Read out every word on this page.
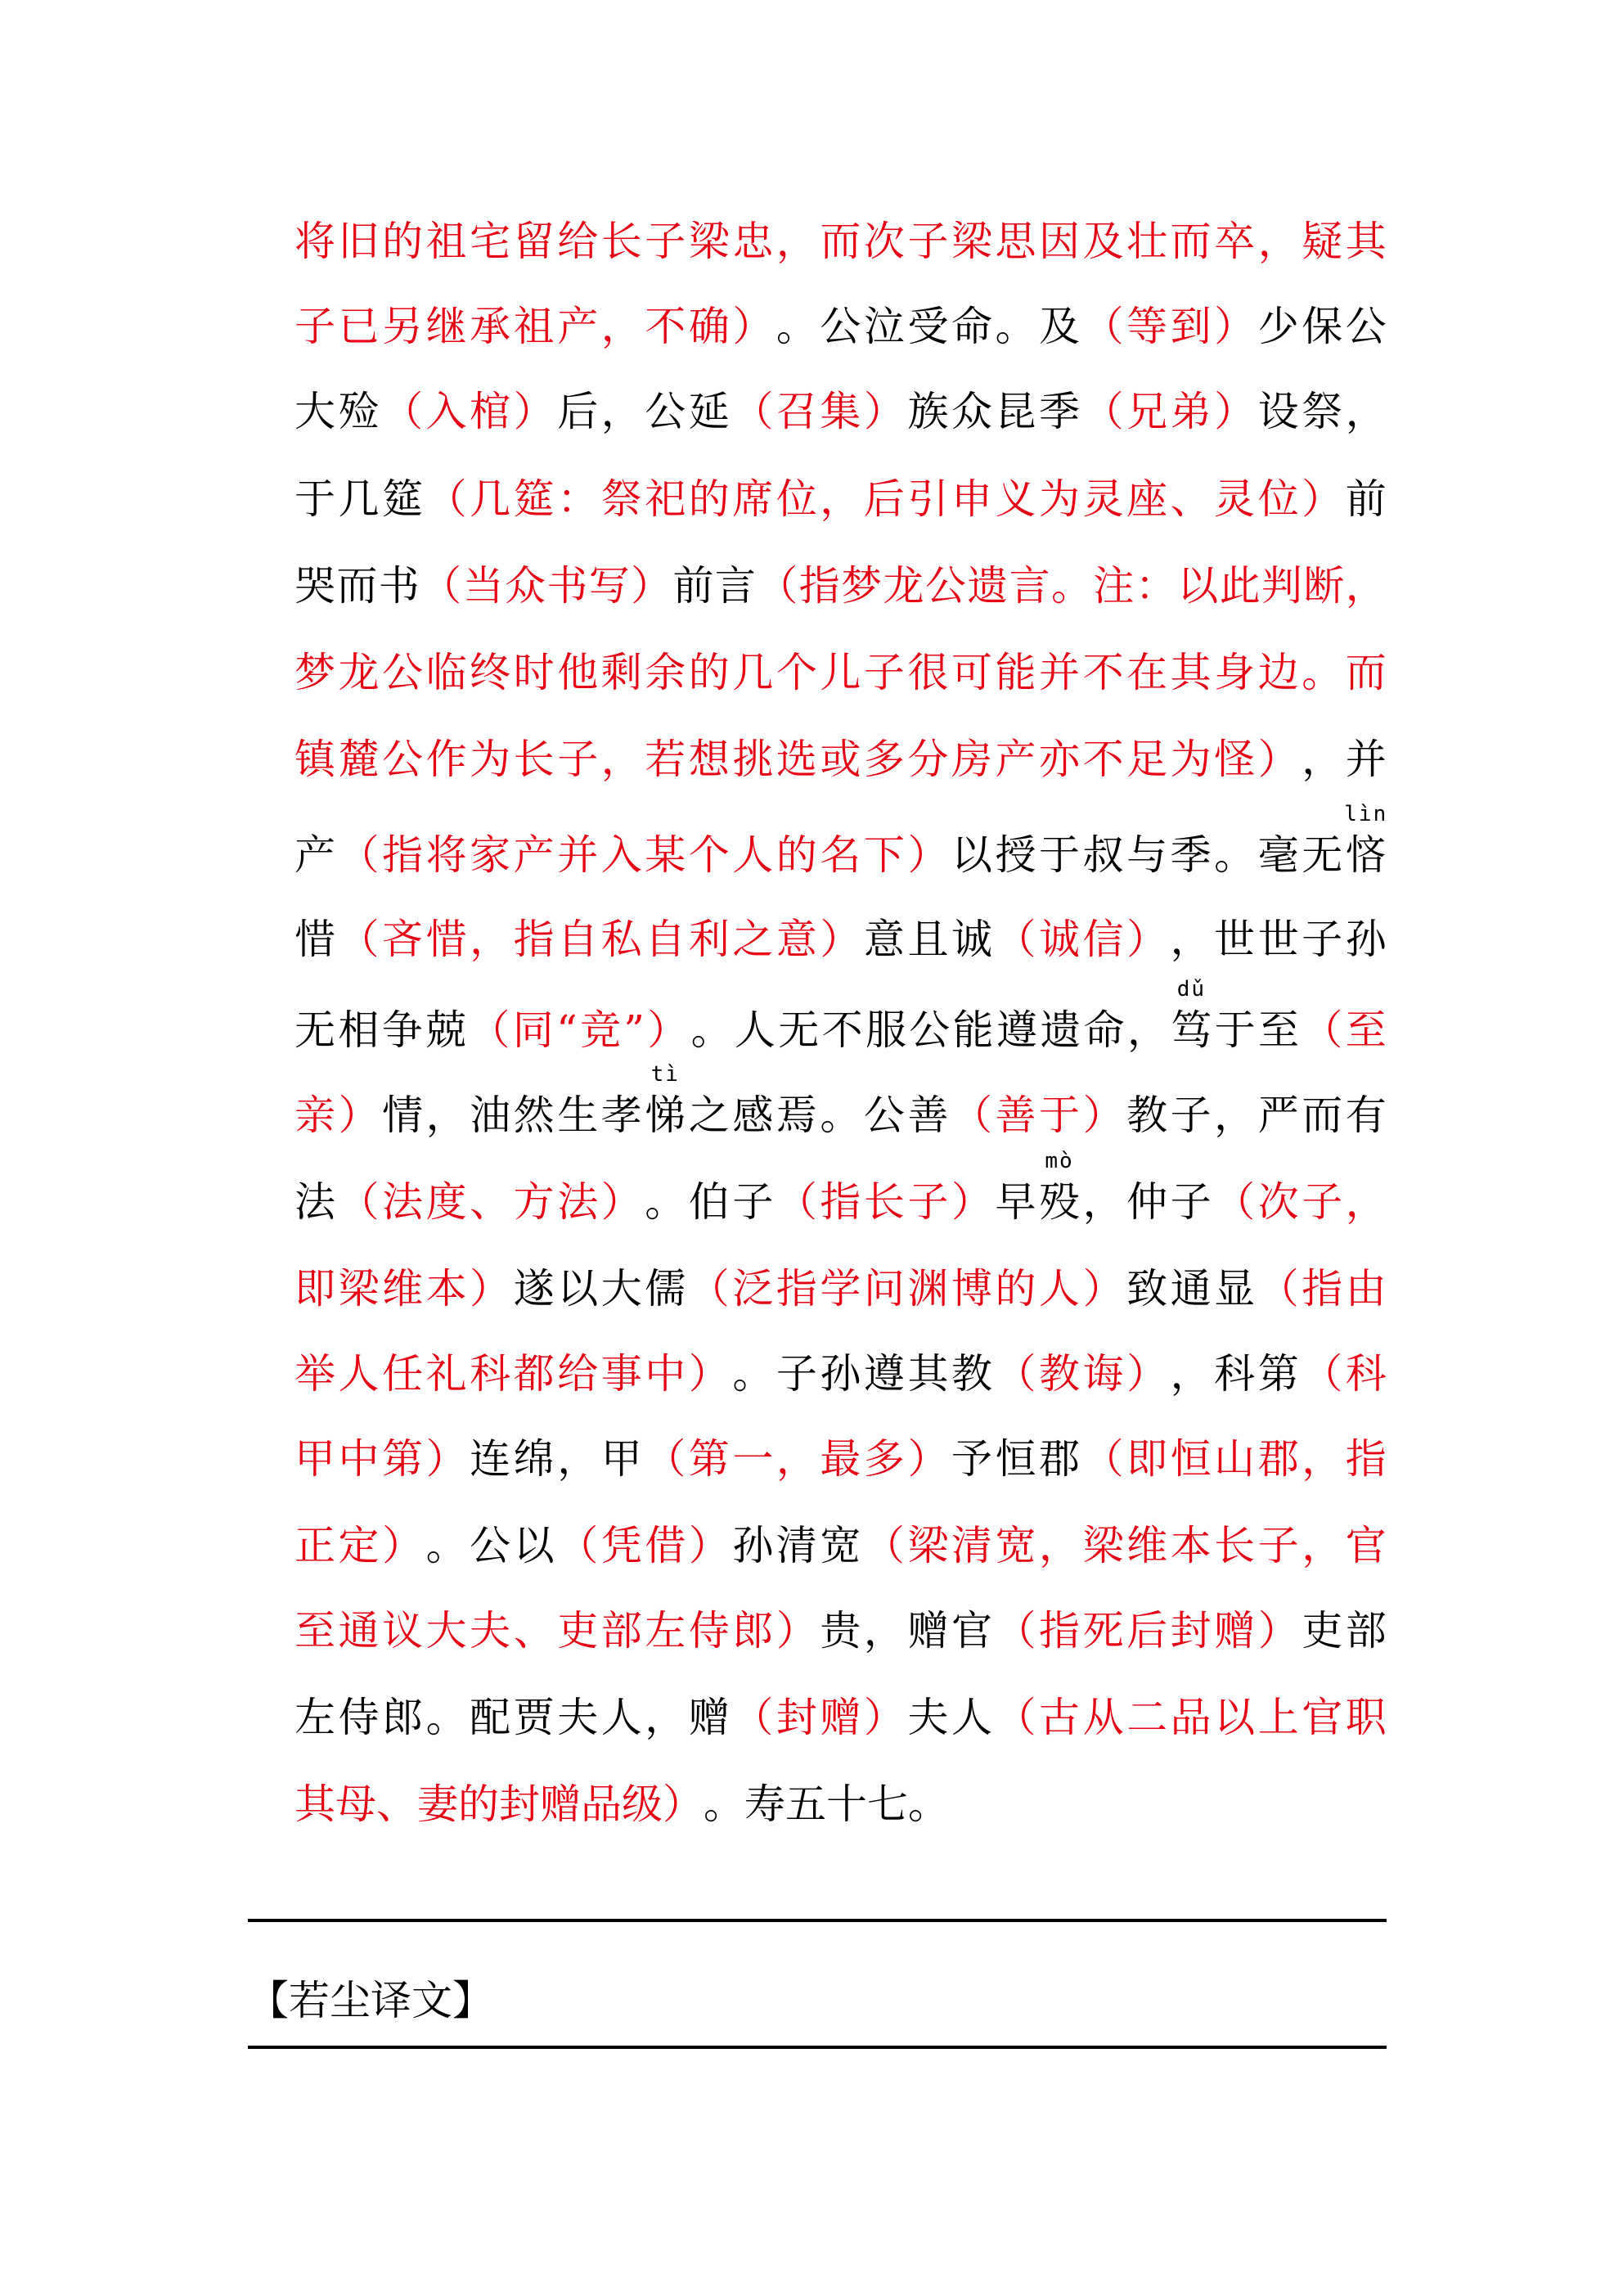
将 旧 的 祖 宅 留 给 长 子 梁 忠 ， 而 次 子 梁 思 因 及 壮 而 卒 ， 疑 其
子 已 另 继 承 祖 产 ， 不 确 ） 。 公 泣 受 命 。 及 （ 等 到 ） 少 保 公
大 殓 （ 入 棺 ） 后 ， 公 延 （ 召 集 ） 族 众 昆 季 （ 兄 弟 ） 设 祭 ，
于 几 筵 （ 几 筵 ： 祭 祀 的 席 位 ， 后 引 申 义 为 灵 座 、 灵 位 ） 前
哭 而 书 （ 当 众 书 写 ） 前 言 （ 指 梦 龙 公 遗 言 。 注 ： 以 此 判 断 ，
梦 龙 公 临 终 时 他 剩 余 的 几 个 儿 子 很 可 能 并 不 在 其 身 边 。 而
镇 麓 公 作 为 长 子 ， 若 想 挑 选 或 多 分 房 产 亦 不 足 为 怪 ） ， 并
产 （ 指 将 家 产 并 入 某 个 人 的 名 下 ） 以 授 于 叔 与 季 。 毫 无 悋
lìn
惜 （ 吝 惜 ， 指 自 私 自 利 之 意 ） 意 且 诚 （ 诚 信 ） ， 世 世 子 孙
无 相 争 兢 （ 同 “ 竞 ” ） 。 人 无 不 服 公 能 遵 遗 命 ， 笃
dǔ
于 至 （ 至
亲 ） 情 ， 油 然 生 孝 悌
tì
之 感 焉 。 公 善 （ 善 于 ） 教 子 ， 严 而 有
法 （ 法 度 、 方 法 ） 。 伯 子 （ 指 长 子 ） 早 殁
mò
， 仲 子 （ 次 子 ，
即 梁 维 本 ） 遂 以 大 儒 （ 泛 指 学 问 渊 博 的 人 ） 致 通 显 （ 指 由
举 人 任 礼 科 都 给 事 中 ） 。 子 孙 遵 其 教 （ 教 诲 ） ， 科 第 （ 科
甲 中 第 ） 连 绵 ， 甲 （ 第 一 ， 最 多 ） 予 恒 郡 （ 即 恒 山 郡 ， 指
正 定 ） 。 公 以 （ 凭 借 ） 孙 清 宽 （ 梁 清 宽 ， 梁 维 本 长 子 ， 官
至 通 议 大 夫 、 吏 部 左 侍 郎 ） 贵 ， 赠 官 （ 指 死 后 封 赠 ） 吏 部
左 侍 郎 。 配 贾 夫 人 ， 赠 （ 封 赠 ） 夫 人 （ 古 从 二 品 以 上 官 职
其 母 、 妻 的 封 赠 品 级 ） 。 寿 五 十 七 。
【若尘译文】
